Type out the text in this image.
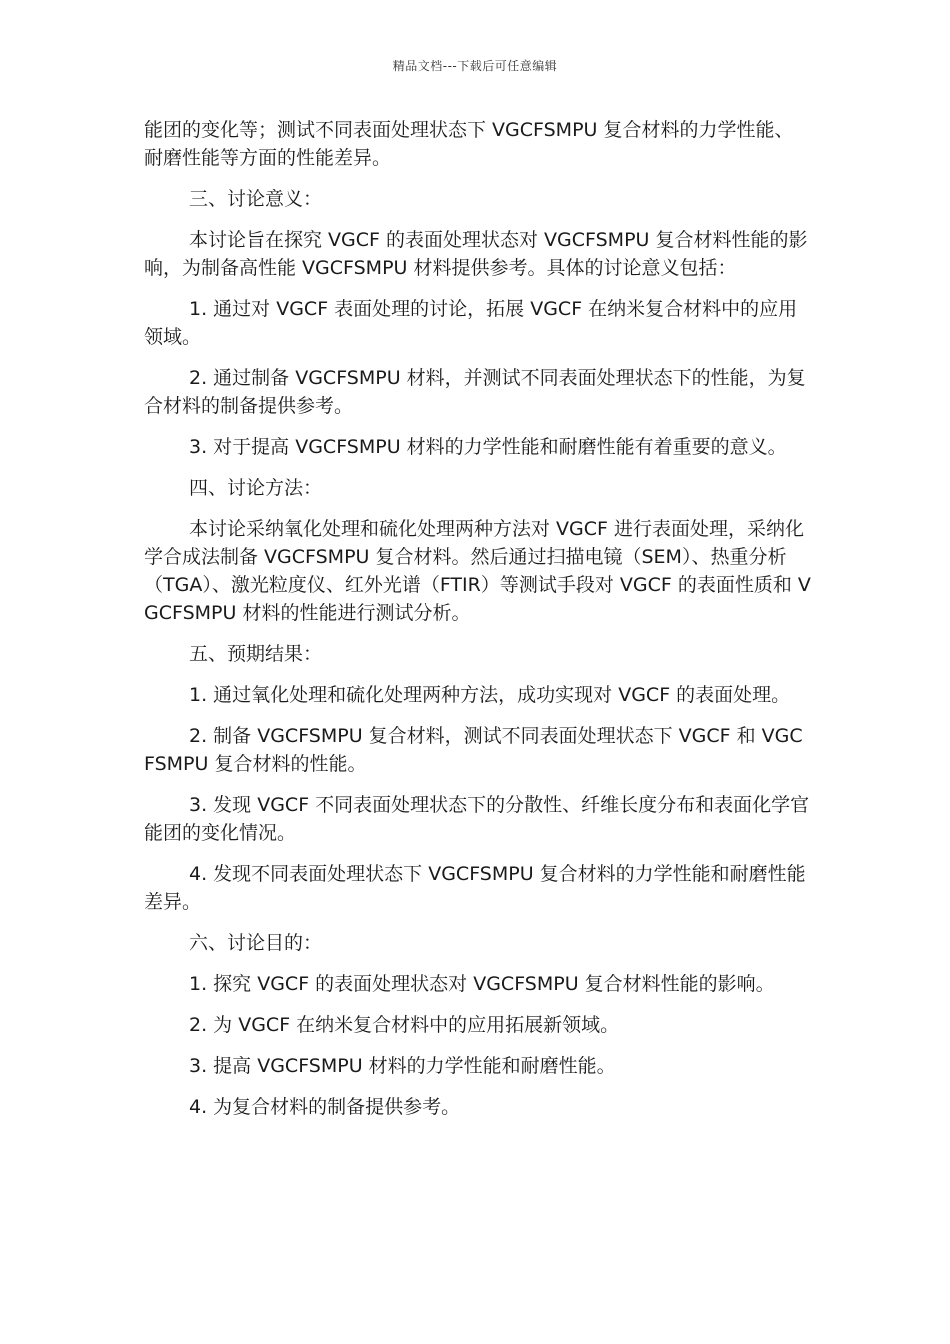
精品文档---下载后可任意编辑

能团的变化等；测试不同表面处理状态下 VGCFSMPU 复合材料的力学性能、耐磨性能等方面的性能差异。

三、讨论意义：

本讨论旨在探究 VGCF 的表面处理状态对 VGCFSMPU 复合材料性能的影响，为制备高性能 VGCFSMPU 材料提供参考。具体的讨论意义包括：

1. 通过对 VGCF 表面处理的讨论，拓展 VGCF 在纳米复合材料中的应用领域。

2. 通过制备 VGCFSMPU 材料，并测试不同表面处理状态下的性能，为复合材料的制备提供参考。

3. 对于提高 VGCFSMPU 材料的力学性能和耐磨性能有着重要的意义。

四、讨论方法：

本讨论采纳氧化处理和硫化处理两种方法对 VGCF 进行表面处理，采纳化学合成法制备 VGCFSMPU 复合材料。然后通过扫描电镜（SEM）、热重分析（TGA）、激光粒度仪、红外光谱（FTIR）等测试手段对 VGCF 的表面性质和 VGCFSMPU 材料的性能进行测试分析。

五、预期结果：

1. 通过氧化处理和硫化处理两种方法，成功实现对 VGCF 的表面处理。

2. 制备 VGCFSMPU 复合材料，测试不同表面处理状态下 VGCF 和 VGCFSMPU 复合材料的性能。

3. 发现 VGCF 不同表面处理状态下的分散性、纤维长度分布和表面化学官能团的变化情况。

4. 发现不同表面处理状态下 VGCFSMPU 复合材料的力学性能和耐磨性能差异。

六、讨论目的：

1. 探究 VGCF 的表面处理状态对 VGCFSMPU 复合材料性能的影响。

2. 为 VGCF 在纳米复合材料中的应用拓展新领域。

3. 提高 VGCFSMPU 材料的力学性能和耐磨性能。

4. 为复合材料的制备提供参考。
